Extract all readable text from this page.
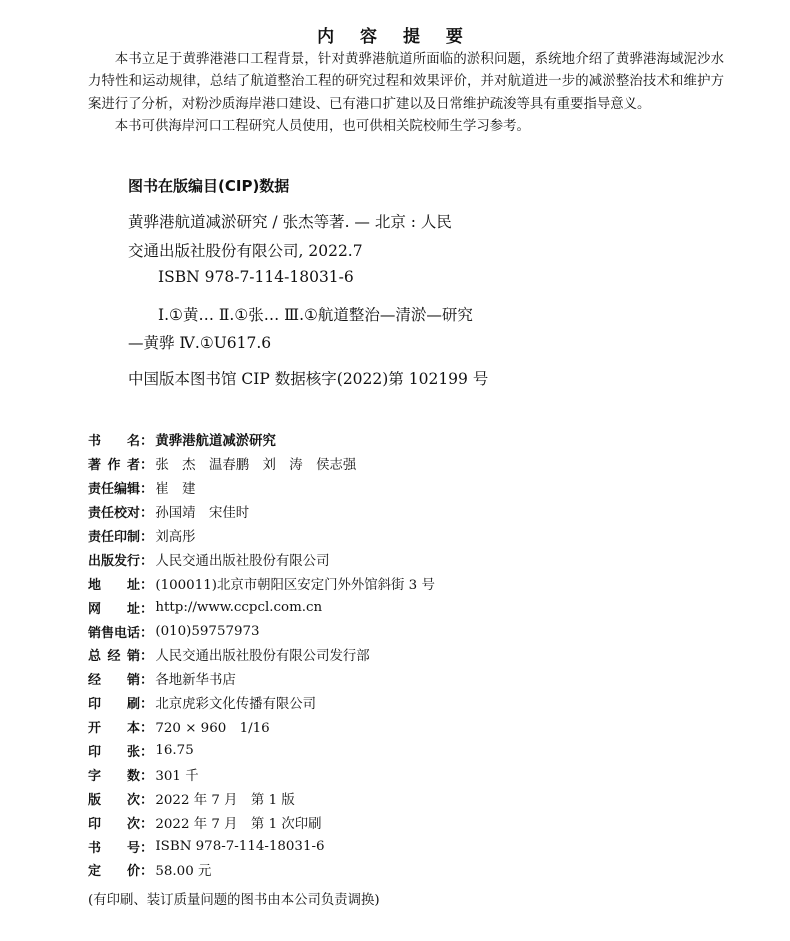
内 容 提 要

本书立足于黄骅港港口工程背景，针对黄骅港航道所面临的淤积问题，系统地介绍了黄骅港海域泥沙水力特性和运动规律，总结了航道整治工程的研究过程和效果评价，并对航道进一步的减淤整治技术和维护方案进行了分析，对粉沙质海岸港口建设、已有港口扩建以及日常维护疏浚等具有重要指导意义。

本书可供海岸河口工程研究人员使用，也可供相关院校师生学习参考。

图书在版编目(CIP)数据

黄骅港航道减淤研究 / 张杰等著. — 北京 : 人民

交通出版社股份有限公司, 2022.7

ISBN 978-7-114-18031-6

Ⅰ.①黄… Ⅱ.①张… Ⅲ.①航道整治—清淤—研究

—黄骅 Ⅳ.①U617.6

中国版本图书馆 CIP 数据核字(2022)第 102199 号

书名 ： 黄骅港航道减淤研究
著作者 ： 张　杰　温春鹏　刘　涛　侯志强
责任编辑 ： 崔　建
责任校对 ： 孙国靖　宋佳时
责任印制 ： 刘高彤
出版发行 ： 人民交通出版社股份有限公司
地址 ： (100011)北京市朝阳区安定门外外馆斜街 3 号
网址 ： http://www.ccpcl.com.cn
销售电话 ： (010)59757973
总经销 ： 人民交通出版社股份有限公司发行部
经销 ： 各地新华书店
印刷 ： 北京虎彩文化传播有限公司
开本 ： 720 × 960　1/16
印张 ： 16.75
字数 ： 301 千
版次 ： 2022 年 7 月　第 1 版
印次 ： 2022 年 7 月　第 1 次印刷
书号 ： ISBN 978-7-114-18031-6
定价 ： 58.00 元

(有印刷、装订质量问题的图书由本公司负责调换)
